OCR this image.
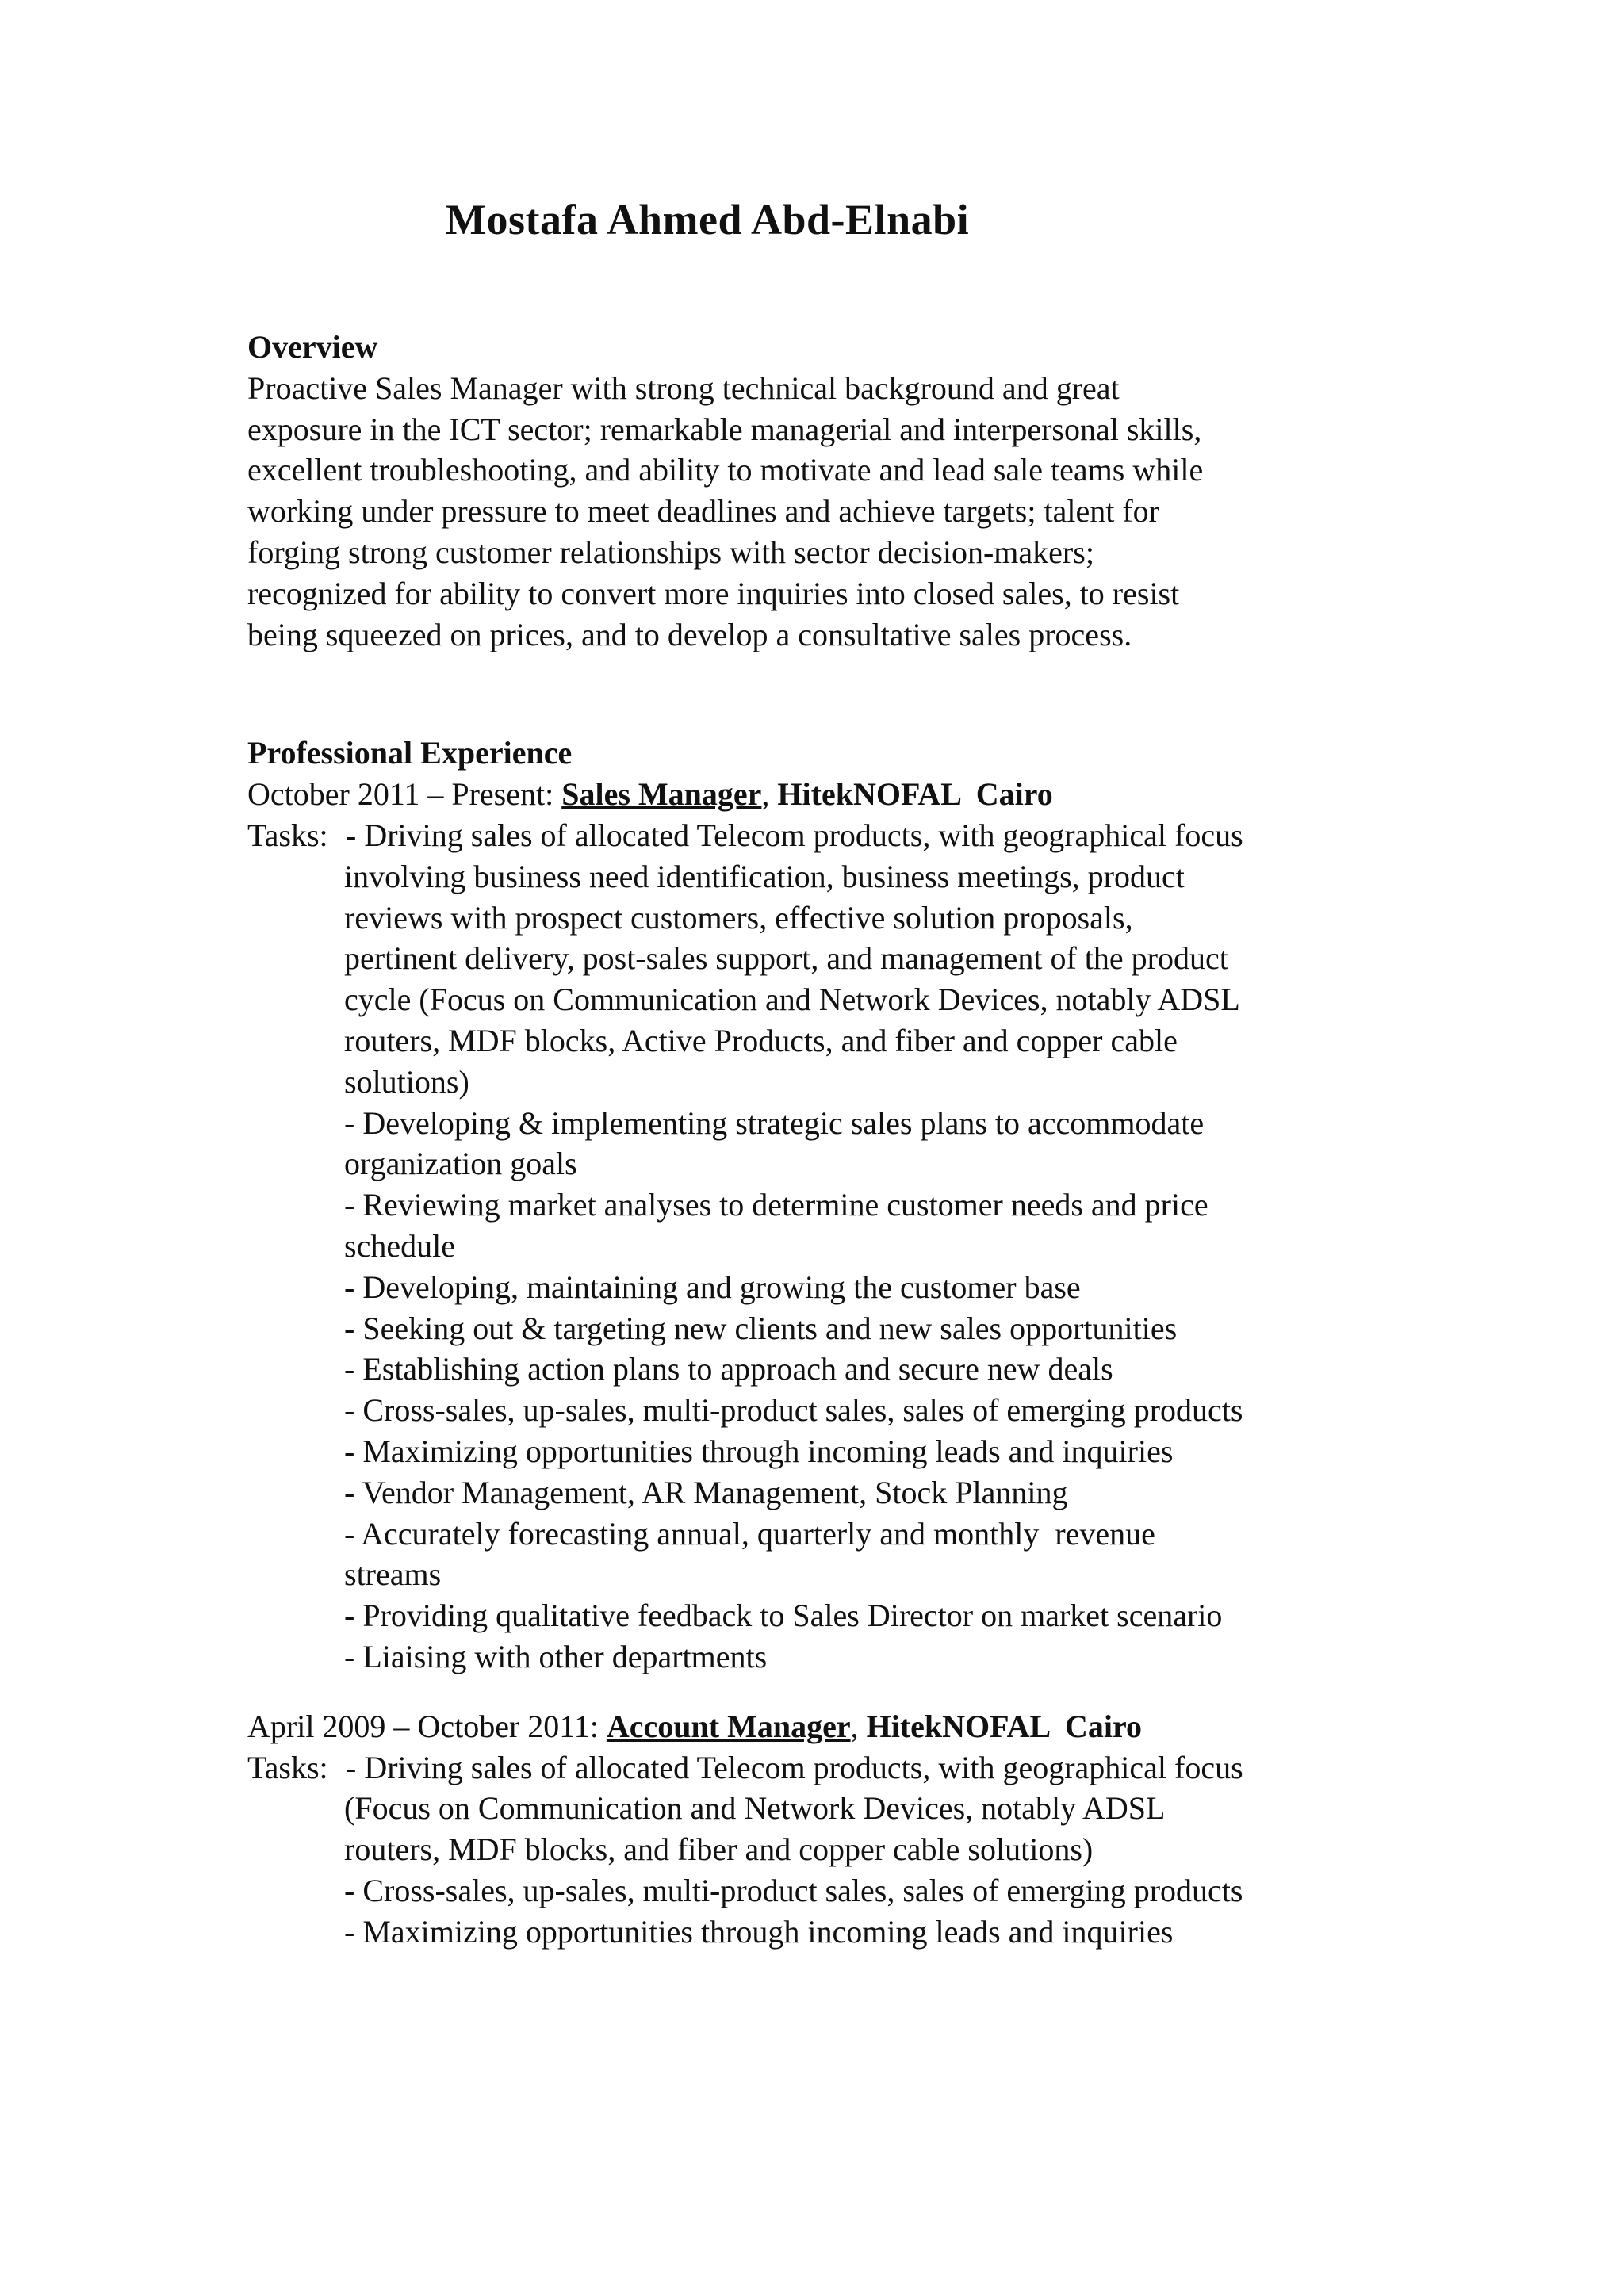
Mostafa Ahmed Abd-Elnabi
Overview
Proactive Sales Manager with strong technical background and great
exposure in the ICT sector; remarkable managerial and interpersonal skills,
excellent troubleshooting, and ability to motivate and lead sale teams while
working under pressure to meet deadlines and achieve targets; talent for
forging strong customer relationships with sector decision-makers;
recognized for ability to convert more inquiries into closed sales, to resist
being squeezed on prices, and to develop a consultative sales process.
Professional Experience
October 2011 – Present: Sales Manager, HitekNOFAL  Cairo
Tasks: - Driving sales of allocated Telecom products, with geographical focus
involving business need identification, business meetings, product
reviews with prospect customers, effective solution proposals,
pertinent delivery, post-sales support, and management of the product
cycle (Focus on Communication and Network Devices, notably ADSL
routers, MDF blocks, Active Products, and fiber and copper cable
solutions)
- Developing & implementing strategic sales plans to accommodate
organization goals
- Reviewing market analyses to determine customer needs and price
schedule
- Developing, maintaining and growing the customer base
- Seeking out & targeting new clients and new sales opportunities
- Establishing action plans to approach and secure new deals
- Cross-sales, up-sales, multi-product sales, sales of emerging products
- Maximizing opportunities through incoming leads and inquiries
- Vendor Management, AR Management, Stock Planning
- Accurately forecasting annual, quarterly and monthly  revenue
streams
- Providing qualitative feedback to Sales Director on market scenario
- Liaising with other departments
April 2009 – October 2011: Account Manager, HitekNOFAL  Cairo
Tasks: - Driving sales of allocated Telecom products, with geographical focus
(Focus on Communication and Network Devices, notably ADSL
routers, MDF blocks, and fiber and copper cable solutions)
- Cross-sales, up-sales, multi-product sales, sales of emerging products
- Maximizing opportunities through incoming leads and inquiries
